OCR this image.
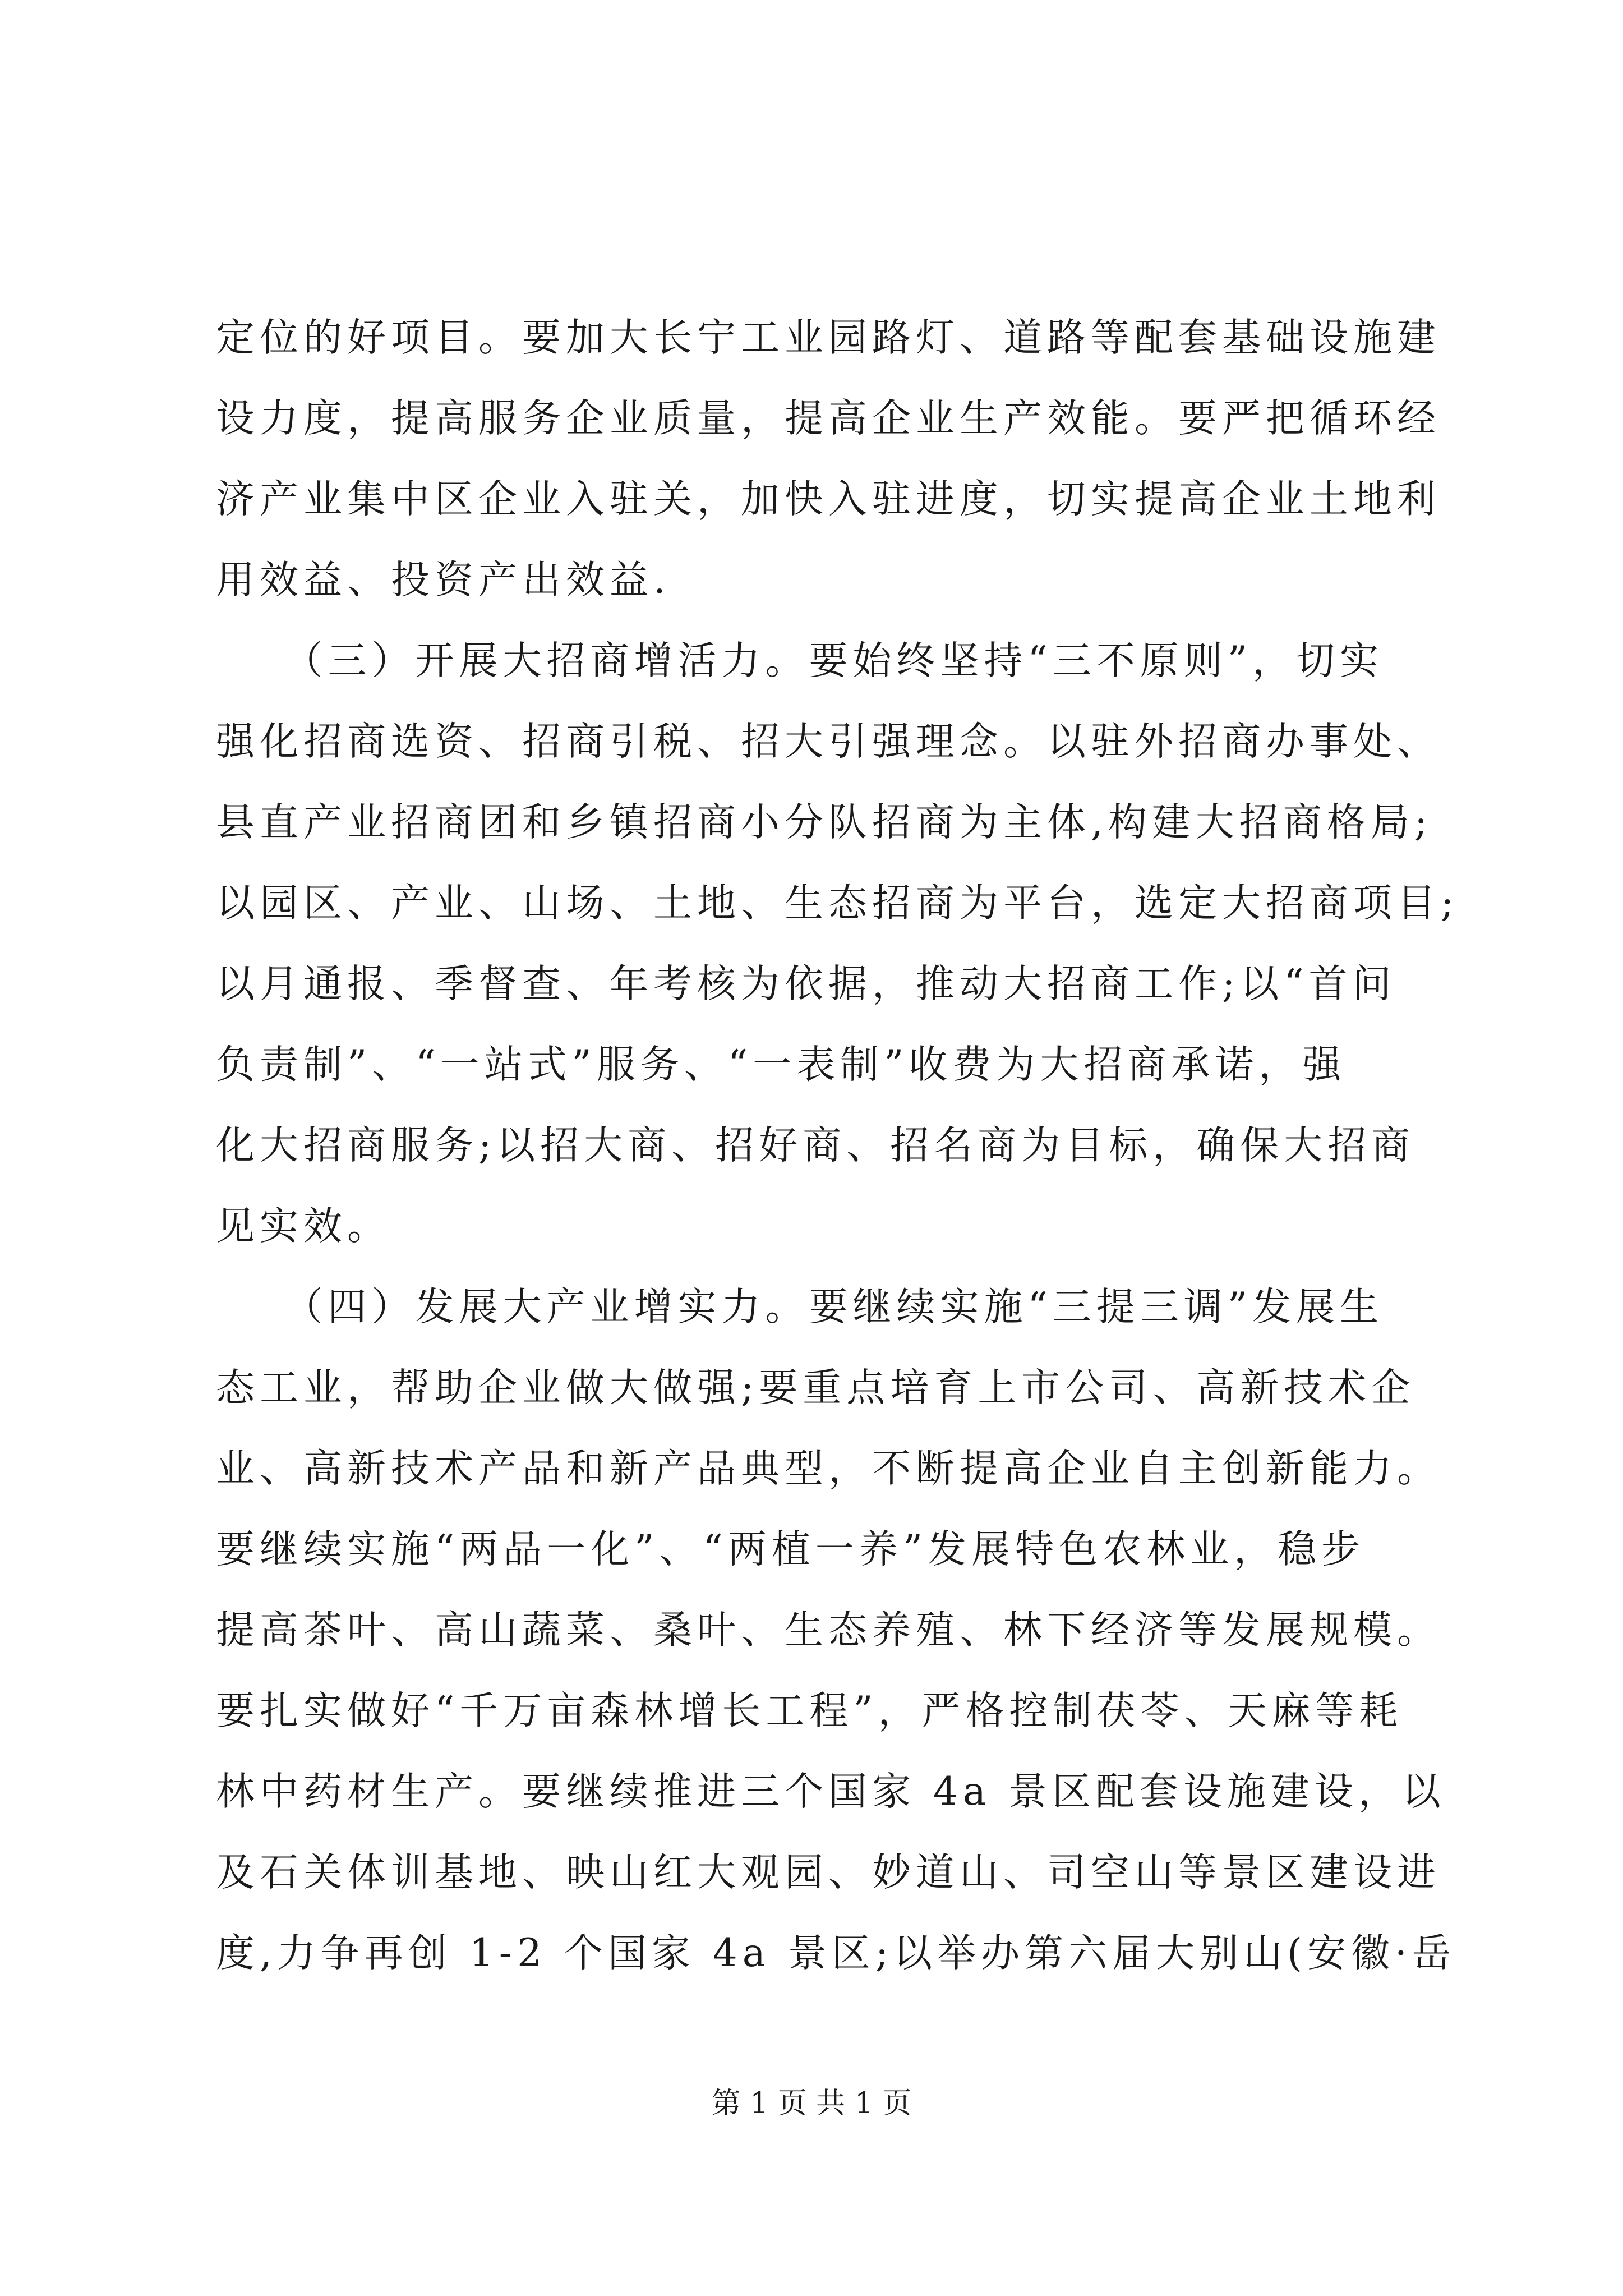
定位的好项目。要加大长宁工业园路灯、道路等配套基础设施建
设力度，提高服务企业质量，提高企业生产效能。要严把循环经
济产业集中区企业入驻关，加快入驻进度，切实提高企业土地利
用效益、投资产出效益.
　　（三）开展大招商增活力。要始终坚持“三不原则”，切实
强化招商选资、招商引税、招大引强理念。以驻外招商办事处、
县直产业招商团和乡镇招商小分队招商为主体,构建大招商格局;
以园区、产业、山场、土地、生态招商为平台，选定大招商项目;
以月通报、季督查、年考核为依据，推动大招商工作;以“首问
负责制”、“一站式”服务、“一表制”收费为大招商承诺，强
化大招商服务;以招大商、招好商、招名商为目标，确保大招商
见实效。
　　（四）发展大产业增实力。要继续实施“三提三调”发展生
态工业，帮助企业做大做强;要重点培育上市公司、高新技术企
业、高新技术产品和新产品典型，不断提高企业自主创新能力。
要继续实施“两品一化”、“两植一养”发展特色农林业，稳步
提高茶叶、高山蔬菜、桑叶、生态养殖、林下经济等发展规模。
要扎实做好“千万亩森林增长工程”，严格控制茯苓、天麻等耗
林中药材生产。要继续推进三个国家 4a 景区配套设施建设，以
及石关体训基地、映山红大观园、妙道山、司空山等景区建设进
度,力争再创 1-2 个国家 4a 景区;以举办第六届大别山(安徽·岳
第 1 页 共 1 页
